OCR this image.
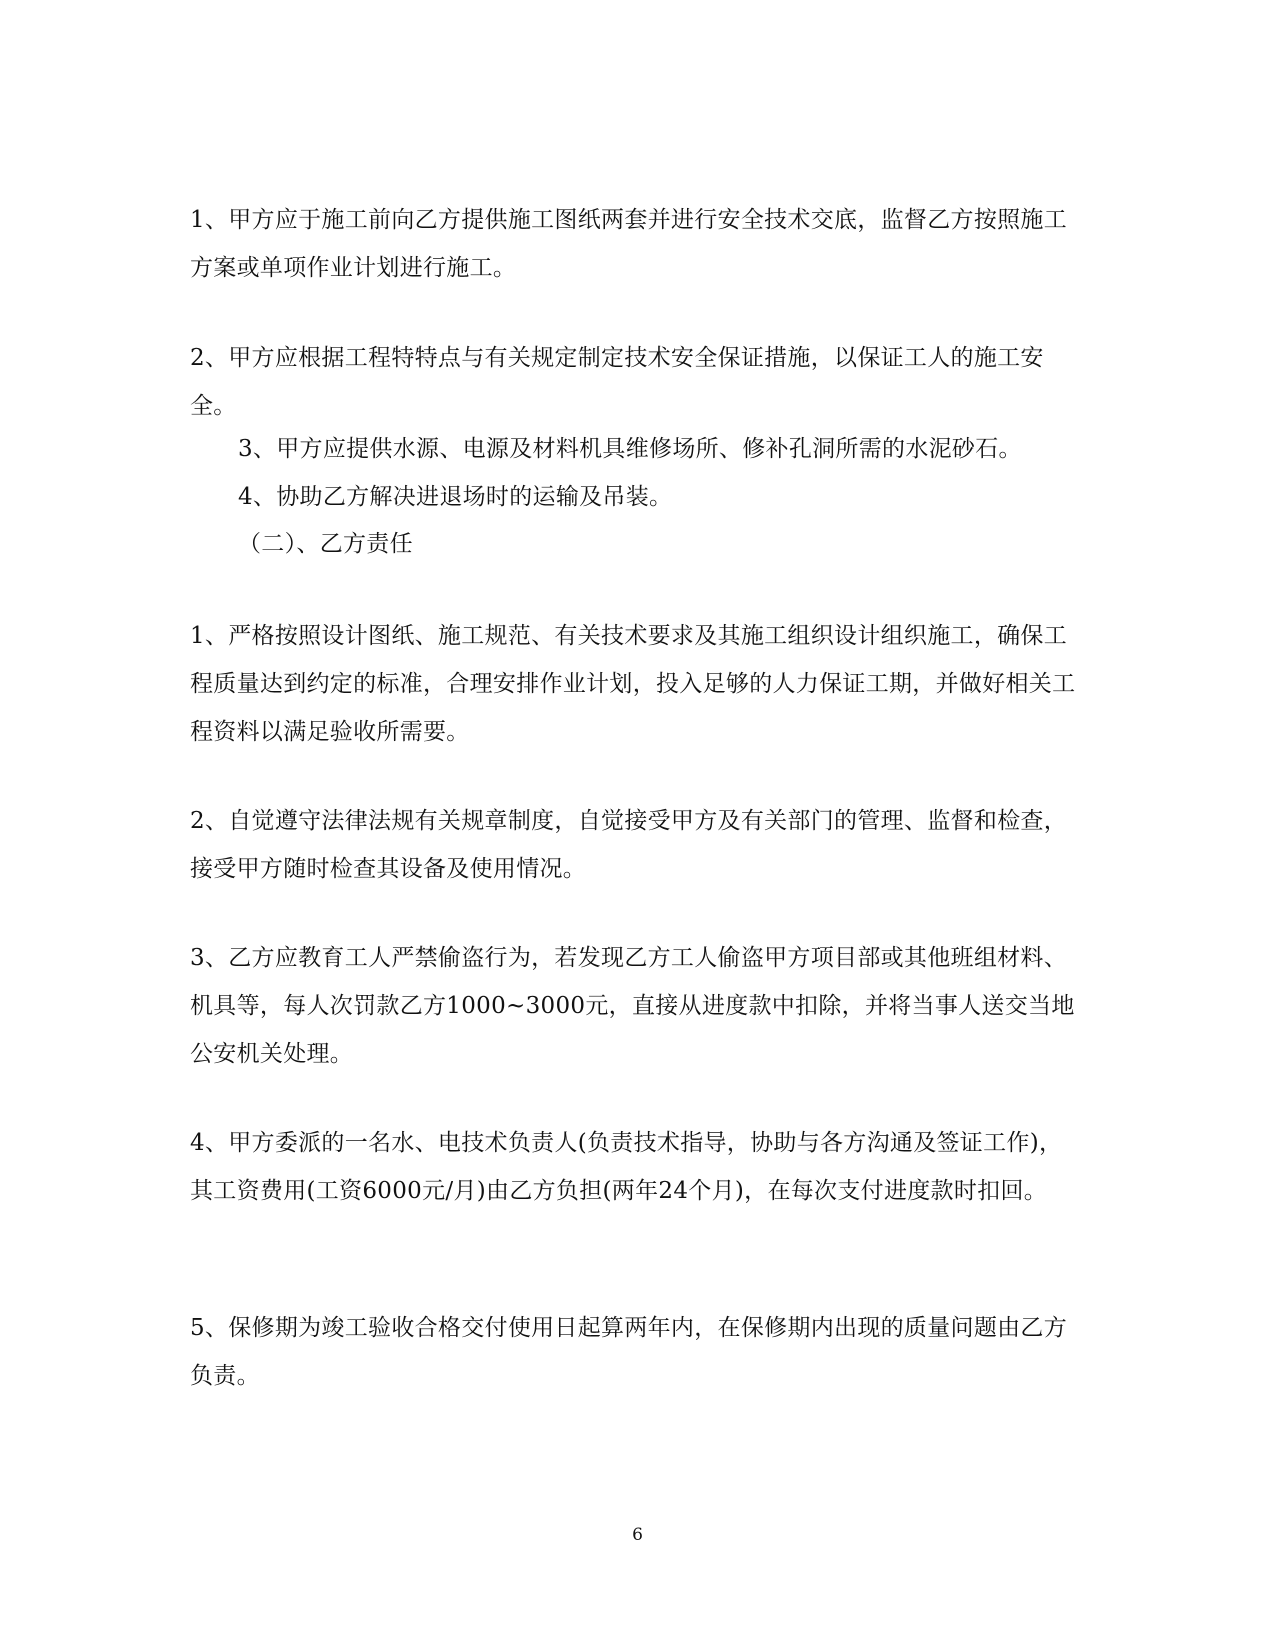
1、甲方应于施工前向乙方提供施工图纸两套并进行安全技术交底，监督乙方按照施工方案或单项作业计划进行施工。

2、甲方应根据工程特特点与有关规定制定技术安全保证措施，以保证工人的施工安全。

3、甲方应提供水源、电源及材料机具维修场所、修补孔洞所需的水泥砂石。

4、协助乙方解决进退场时的运输及吊装。

（二）、乙方责任

1、严格按照设计图纸、施工规范、有关技术要求及其施工组织设计组织施工，确保工程质量达到约定的标准，合理安排作业计划，投入足够的人力保证工期，并做好相关工程资料以满足验收所需要。

2、自觉遵守法律法规有关规章制度，自觉接受甲方及有关部门的管理、监督和检查，接受甲方随时检查其设备及使用情况。

3、乙方应教育工人严禁偷盗行为，若发现乙方工人偷盗甲方项目部或其他班组材料、机具等，每人次罚款乙方1000~3000元，直接从进度款中扣除，并将当事人送交当地公安机关处理。

4、甲方委派的一名水、电技术负责人(负责技术指导，协助与各方沟通及签证工作)，其工资费用(工资6000元/月)由乙方负担(两年24个月)，在每次支付进度款时扣回。

5、保修期为竣工验收合格交付使用日起算两年内，在保修期内出现的质量问题由乙方负责。

6
